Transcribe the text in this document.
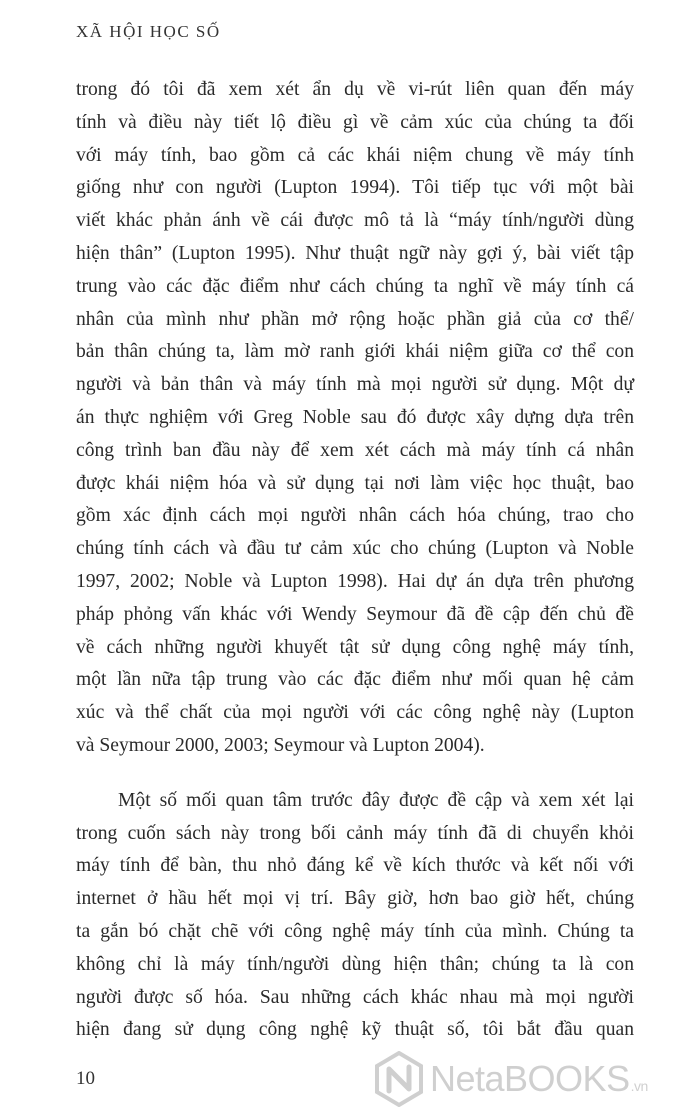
XÃ HỘI HỌC SỐ

trong đó tôi đã xem xét ẩn dụ về vi-rút liên quan đến máy
tính và điều này tiết lộ điều gì về cảm xúc của chúng ta đối
với máy tính, bao gồm cả các khái niệm chung về máy tính
giống như con người (Lupton 1994). Tôi tiếp tục với một bài
viết khác phản ánh về cái được mô tả là “máy tính/người dùng
hiện thân” (Lupton 1995). Như thuật ngữ này gợi ý, bài viết tập
trung vào các đặc điểm như cách chúng ta nghĩ về máy tính cá
nhân của mình như phần mở rộng hoặc phần giả của cơ thể/
bản thân chúng ta, làm mờ ranh giới khái niệm giữa cơ thể con
người và bản thân và máy tính mà mọi người sử dụng. Một dự
án thực nghiệm với Greg Noble sau đó được xây dựng dựa trên
công trình ban đầu này để xem xét cách mà máy tính cá nhân
được khái niệm hóa và sử dụng tại nơi làm việc học thuật, bao
gồm xác định cách mọi người nhân cách hóa chúng, trao cho
chúng tính cách và đầu tư cảm xúc cho chúng (Lupton và Noble
1997, 2002; Noble và Lupton 1998). Hai dự án dựa trên phương
pháp phỏng vấn khác với Wendy Seymour đã đề cập đến chủ đề
về cách những người khuyết tật sử dụng công nghệ máy tính,
một lần nữa tập trung vào các đặc điểm như mối quan hệ cảm
xúc và thể chất của mọi người với các công nghệ này (Lupton
và Seymour 2000, 2003; Seymour và Lupton 2004).

Một số mối quan tâm trước đây được đề cập và xem xét lại
trong cuốn sách này trong bối cảnh máy tính đã di chuyển khỏi
máy tính để bàn, thu nhỏ đáng kể về kích thước và kết nối với
internet ở hầu hết mọi vị trí. Bây giờ, hơn bao giờ hết, chúng
ta gắn bó chặt chẽ với công nghệ máy tính của mình. Chúng ta
không chỉ là máy tính/người dùng hiện thân; chúng ta là con
người được số hóa. Sau những cách khác nhau mà mọi người
hiện đang sử dụng công nghệ kỹ thuật số, tôi bắt đầu quan

10	NetaBOOKS.vn
